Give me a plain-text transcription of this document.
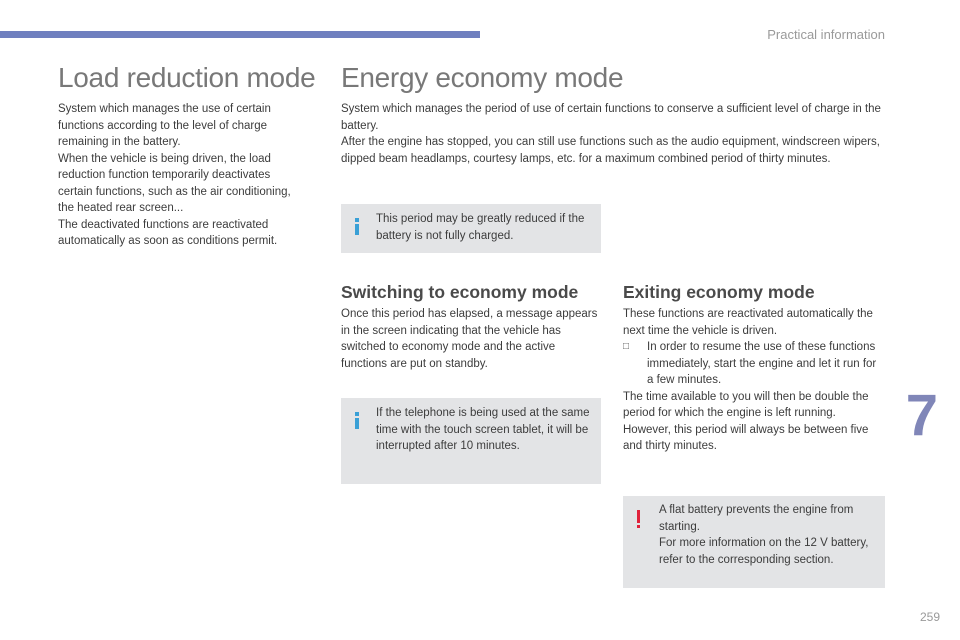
Practical information
Load reduction mode

System which manages the use of certain functions according to the level of charge remaining in the battery.

When the vehicle is being driven, the load reduction function temporarily deactivates certain functions, such as the air conditioning, the heated rear screen...

The deactivated functions are reactivated automatically as soon as conditions permit.

Energy economy mode

System which manages the period of use of certain functions to conserve a sufficient level of charge in the battery.

After the engine has stopped, you can still use functions such as the audio equipment, windscreen wipers, dipped beam headlamps, courtesy lamps, etc. for a maximum combined period of thirty minutes.

This period may be greatly reduced if the battery is not fully charged.
Switching to economy mode
Once this period has elapsed, a message appears in the screen indicating that the vehicle has switched to economy mode and the active functions are put on standby.
If the telephone is being used at the same time with the touch screen tablet, it will be interrupted after 10 minutes.
Exiting economy mode

These functions are reactivated automatically the next time the vehicle is driven.

□	In order to resume the use of these functions immediately, start the engine and let it run for a few minutes.

The time available to you will then be double the period for which the engine is left running. However, this period will always be between five and thirty minutes.

A flat battery prevents the engine from starting.

For more information on the 12 V battery, refer to the corresponding section.

7
259
